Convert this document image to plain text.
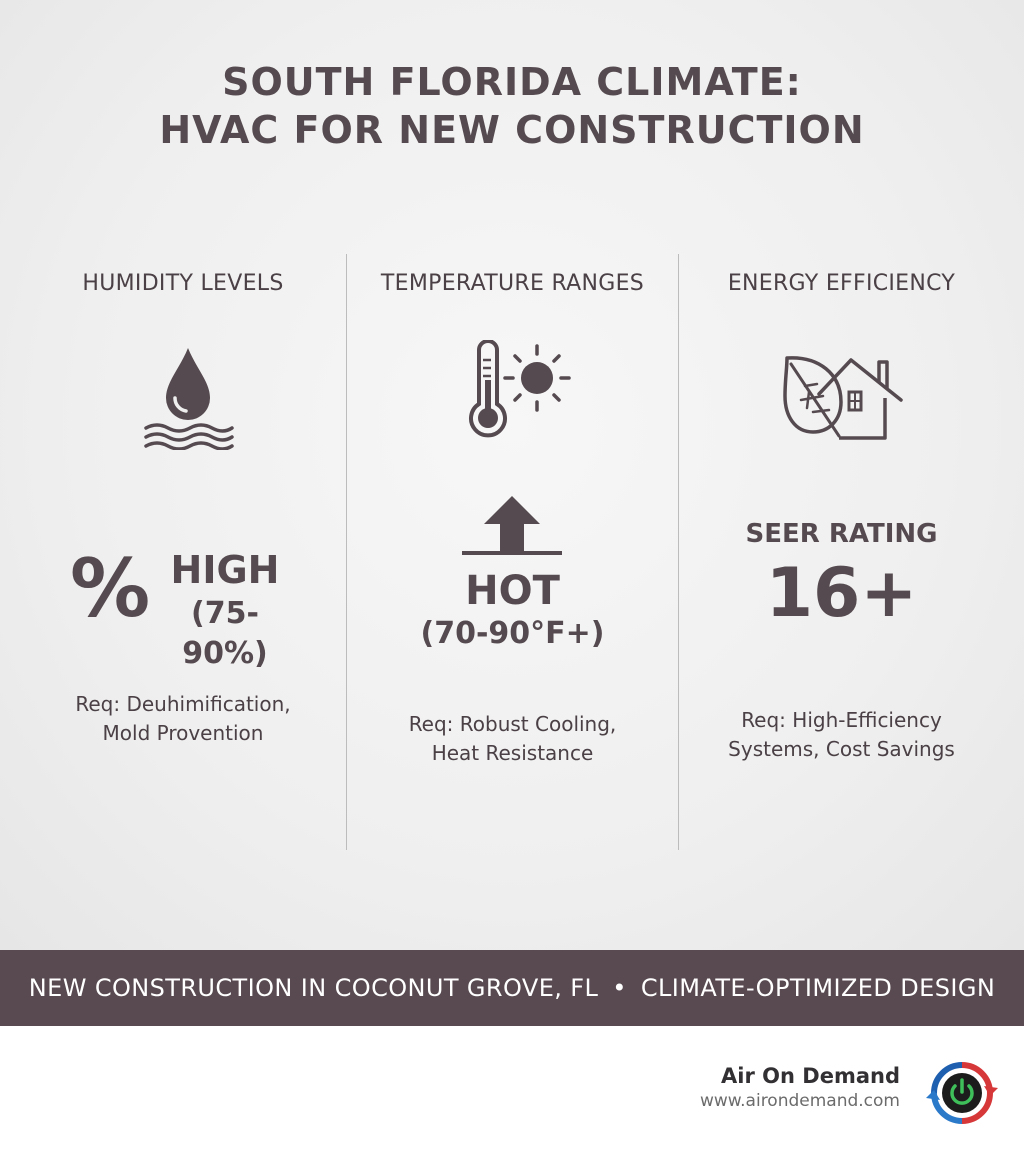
SOUTH FLORIDA CLIMATE:
HVAC FOR NEW CONSTRUCTION
HUMIDITY LEVELS
% HIGH
(75-90%)
Req: Deuhimification,
Mold Provention
TEMPERATURE RANGES
HOT
(70-90°F+)
Req: Robust Cooling,
Heat Resistance
ENERGY EFFICIENCY
SEER RATING
16+
Req: High-Efficiency
Systems, Cost Savings
NEW CONSTRUCTION IN COCONUT GROVE, FL • CLIMATE-OPTIMIZED DESIGN
Air On Demand
www.airondemand.com
